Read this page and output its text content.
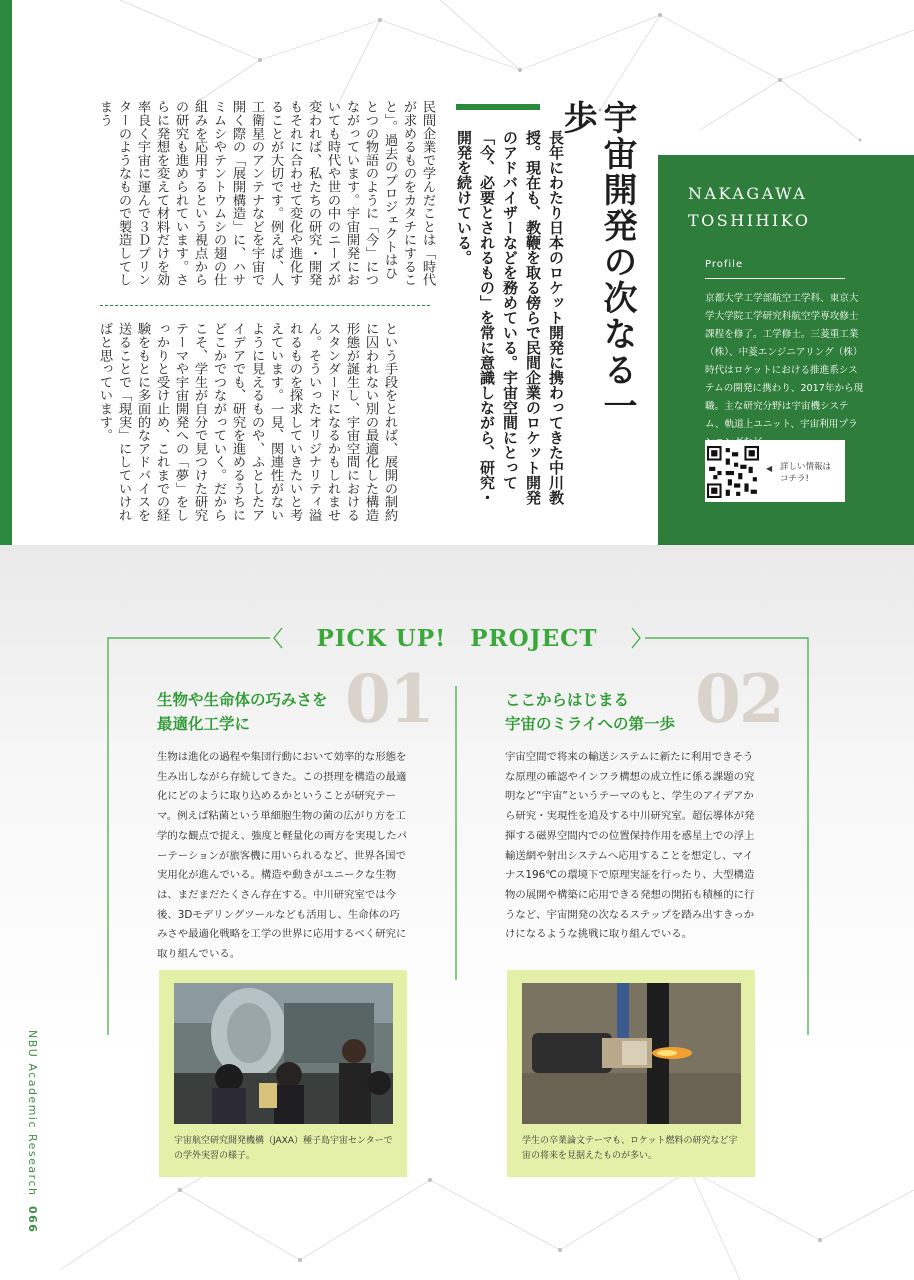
宇宙開発の次なる一歩
長年にわたり日本のロケット開発に携わってきた中川教授。現在も、教鞭を取る傍らで民間企業のロケット開発のアドバイザーなどを務めている。宇宙空間にとって「今、必要とされるもの」を常に意識しながら、研究・開発を続けている。
民間企業で学んだことは「時代が求めるものをカタチにすること」。過去のプロジェクトはひとつの物語のように「今」につながっています。宇宙開発においても時代や世の中のニーズが変われば、私たちの研究・開発もそれに合わせて変化や進化することが大切です。例えば、人工衛星のアンテナなどを宇宙で開く際の「展開構造」に、ハサミムシやテントウムシの翅の仕組みを応用するという視点からの研究も進められています。さらに発想を変えて材料だけを効率良く宇宙に運んで３Ｄプリンターのようなもので製造してしまう
という手段をとれば、展開の制約に囚われない別の最適化した構造形態が誕生し、宇宙空間におけるスタンダードになるかもしれません。そういったオリジナリティ溢れるものを探求していきたいと考えています。一見、関連性がないように見えるものや、ふとしたアイデアでも、研究を進めるうちにどこかでつながっていく。だからこそ、学生が自分で見つけた研究テーマや宇宙開発への「夢」をしっかりと受け止め、これまでの経験をもとに多面的なアドバイスを送ることで「現実」にしていければと思っています。
NAKAGAWA
TOSHIHIKO
Profile
京都大学工学部航空工学科、東京大学大学院工学研究科航空学専攻修士課程を修了。工学修士。三菱重工業（株）、中菱エンジニアリング（株）時代はロケットにおける推進系システムの開発に携わり、2017年から現職。主な研究分野は宇宙機システム、軌道上ユニット、宇宙利用プラ
◀ 詳しい情報は
コチラ!
PICK UP!　PROJECT
01
生物や生命体の巧みさを
最適化工学に
生物は進化の過程や集団行動において効率的な形態を生み出しながら存続してきた。この摂理を構造の最適化にどのように取り込めるかということが研究テーマ。例えば粘菌という単細胞生物の菌の広がり方を工学的な観点で捉え、強度と軽量化の両方を実現したパーテーションが旅客機に用いられるなど、世界各国で実用化が進んでいる。構造や動きがユニークな生物は、まだまだたくさん存在する。中川研究室では今後、3Dモデリングツールなども活用し、生命体の巧みさや最適化戦略を工学の世界に応用するべく研究に取り組んでいる。
宇宙航空研究開発機構（JAXA）種子島宇宙センターでの学外実習の様子。
02
ここからはじまる
宇宙のミライへの第一歩
宇宙空間で将来の輸送システムに新たに利用できそうな原理の確認やインフラ構想の成立性に係る課題の究明など“宇宙”というテーマのもと、学生のアイデアから研究・実現性を追及する中川研究室。超伝導体が発揮する磁界空間内での位置保持作用を惑星上での浮上輸送網や射出システムへ応用することを想定し、マイナス196℃の環境下で原理実証を行ったり、大型構造物の展開や構築に応用できる発想の開拓も積極的に行うなど、宇宙開発の次なるステップを踏み出すきっかけになるような挑戦に取り組んでいる。
学生の卒業論文テーマも、ロケット燃料の研究など宇宙の将来を見据えたものが多い。
NBU Academic Research066
